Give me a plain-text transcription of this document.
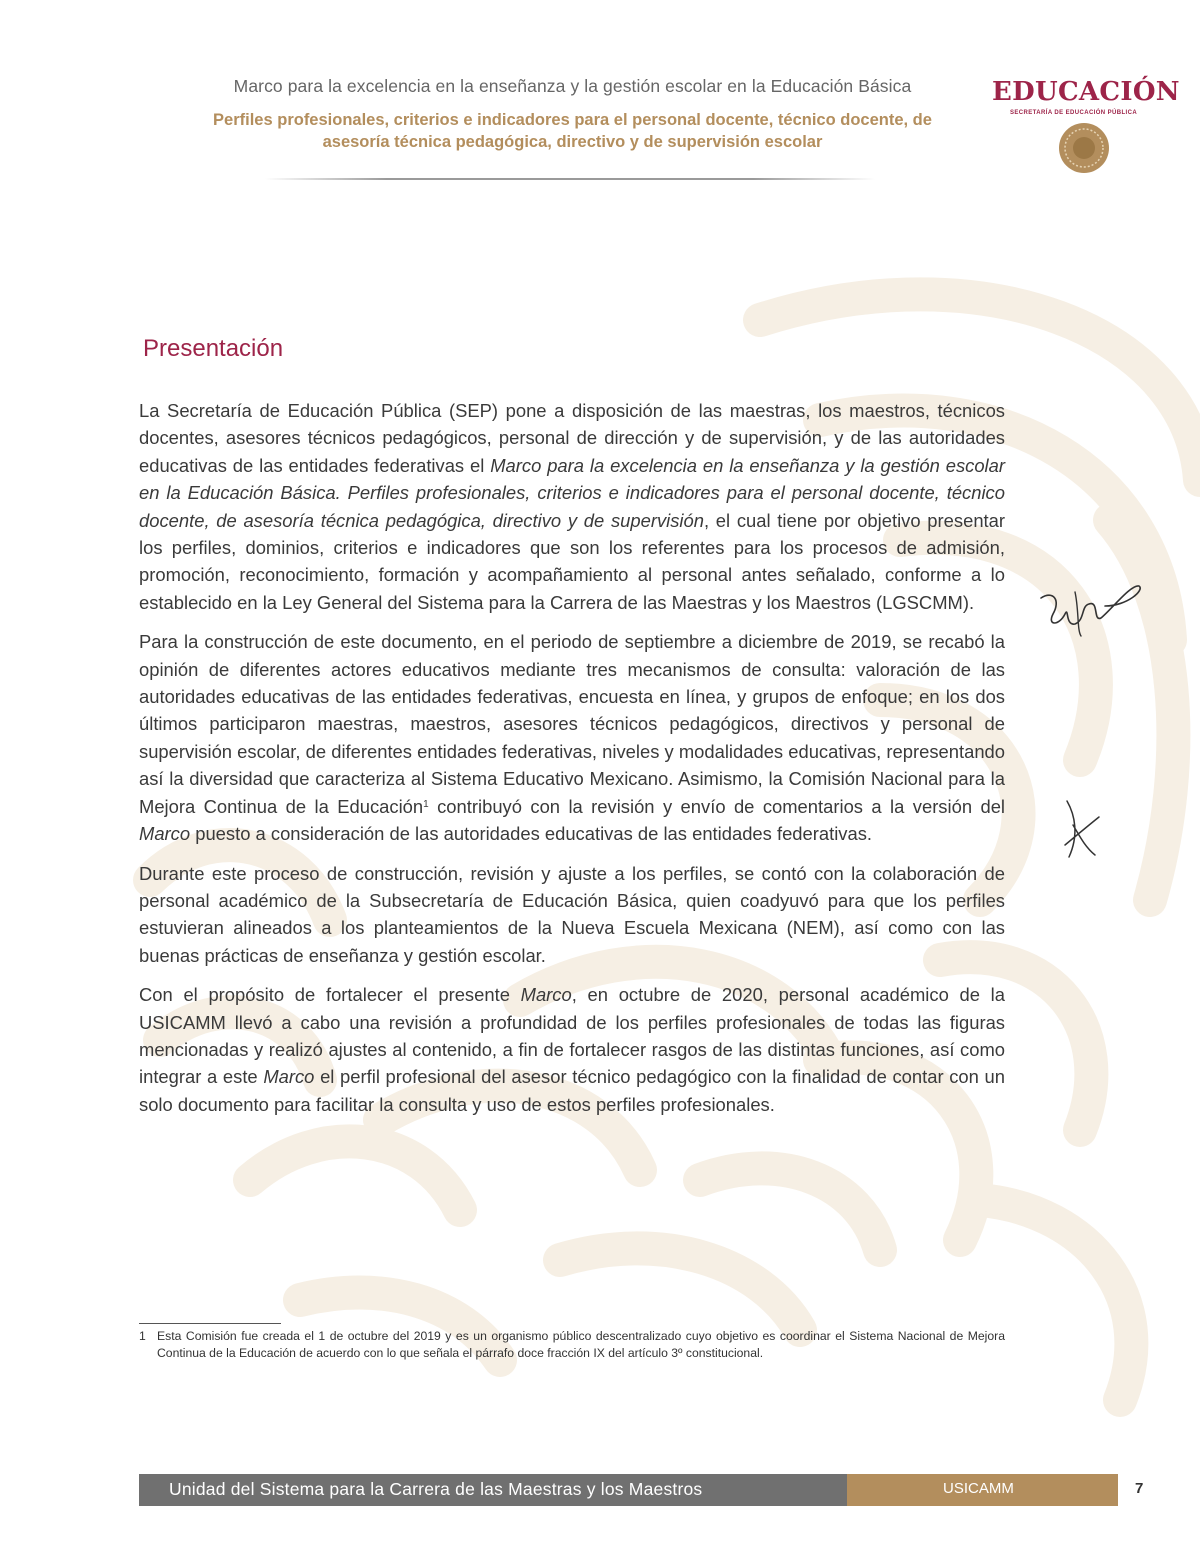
Marco para la excelencia en la enseñanza y la gestión escolar en la Educación Básica
Perfiles profesionales, criterios e indicadores para el personal docente, técnico docente, de asesoría técnica pedagógica, directivo y de supervisión escolar
EDUCACIÓN
SECRETARÍA DE EDUCACIÓN PÚBLICA
Presentación

La Secretaría de Educación Pública (SEP) pone a disposición de las maestras, los maestros, técnicos docentes, asesores técnicos pedagógicos, personal de dirección y de supervisión, y de las autoridades educativas de las entidades federativas el Marco para la excelencia en la enseñanza y la gestión escolar en la Educación Básica. Perfiles profesionales, criterios e indicadores para el personal docente, técnico docente, de asesoría técnica pedagógica, directivo y de supervisión, el cual tiene por objetivo presentar los perfiles, dominios, criterios e indicadores que son los referentes para los procesos de admisión, promoción, reconocimiento, formación y acompañamiento al personal antes señalado, conforme a lo establecido en la Ley General del Sistema para la Carrera de las Maestras y los Maestros (LGSCMM).

Para la construcción de este documento, en el periodo de septiembre a diciembre de 2019, se recabó la opinión de diferentes actores educativos mediante tres mecanismos de consulta: valoración de las autoridades educativas de las entidades federativas, encuesta en línea, y grupos de enfoque; en los dos últimos participaron maestras, maestros, asesores técnicos pedagógicos, directivos y personal de supervisión escolar, de diferentes entidades federativas, niveles y modalidades educativas, representando así la diversidad que caracteriza al Sistema Educativo Mexicano. Asimismo, la Comisión Nacional para la Mejora Continua de la Educación$^1$ contribuyó con la revisión y envío de comentarios a la versión del Marco puesto a consideración de las autoridades educativas de las entidades federativas.

Durante este proceso de construcción, revisión y ajuste a los perfiles, se contó con la colaboración de personal académico de la Subsecretaría de Educación Básica, quien coadyuvó para que los perfiles estuvieran alineados a los planteamientos de la Nueva Escuela Mexicana (NEM), así como con las buenas prácticas de enseñanza y gestión escolar.

Con el propósito de fortalecer el presente Marco, en octubre de 2020, personal académico de la USICAMM llevó a cabo una revisión a profundidad de los perfiles profesionales de todas las figuras mencionadas y realizó ajustes al contenido, a fin de fortalecer rasgos de las distintas funciones, así como integrar a este Marco el perfil profesional del asesor técnico pedagógico con la finalidad de contar con un solo documento para facilitar la consulta y uso de estos perfiles profesionales.

1 Esta Comisión fue creada el 1 de octubre del 2019 y es un organismo público descentralizado cuyo objetivo es coordinar el Sistema Nacional de Mejora Continua de la Educación de acuerdo con lo que señala el párrafo doce fracción IX del artículo 3º constitucional.
Unidad del Sistema para la Carrera de las Maestras y los Maestros	USICAMM	7
